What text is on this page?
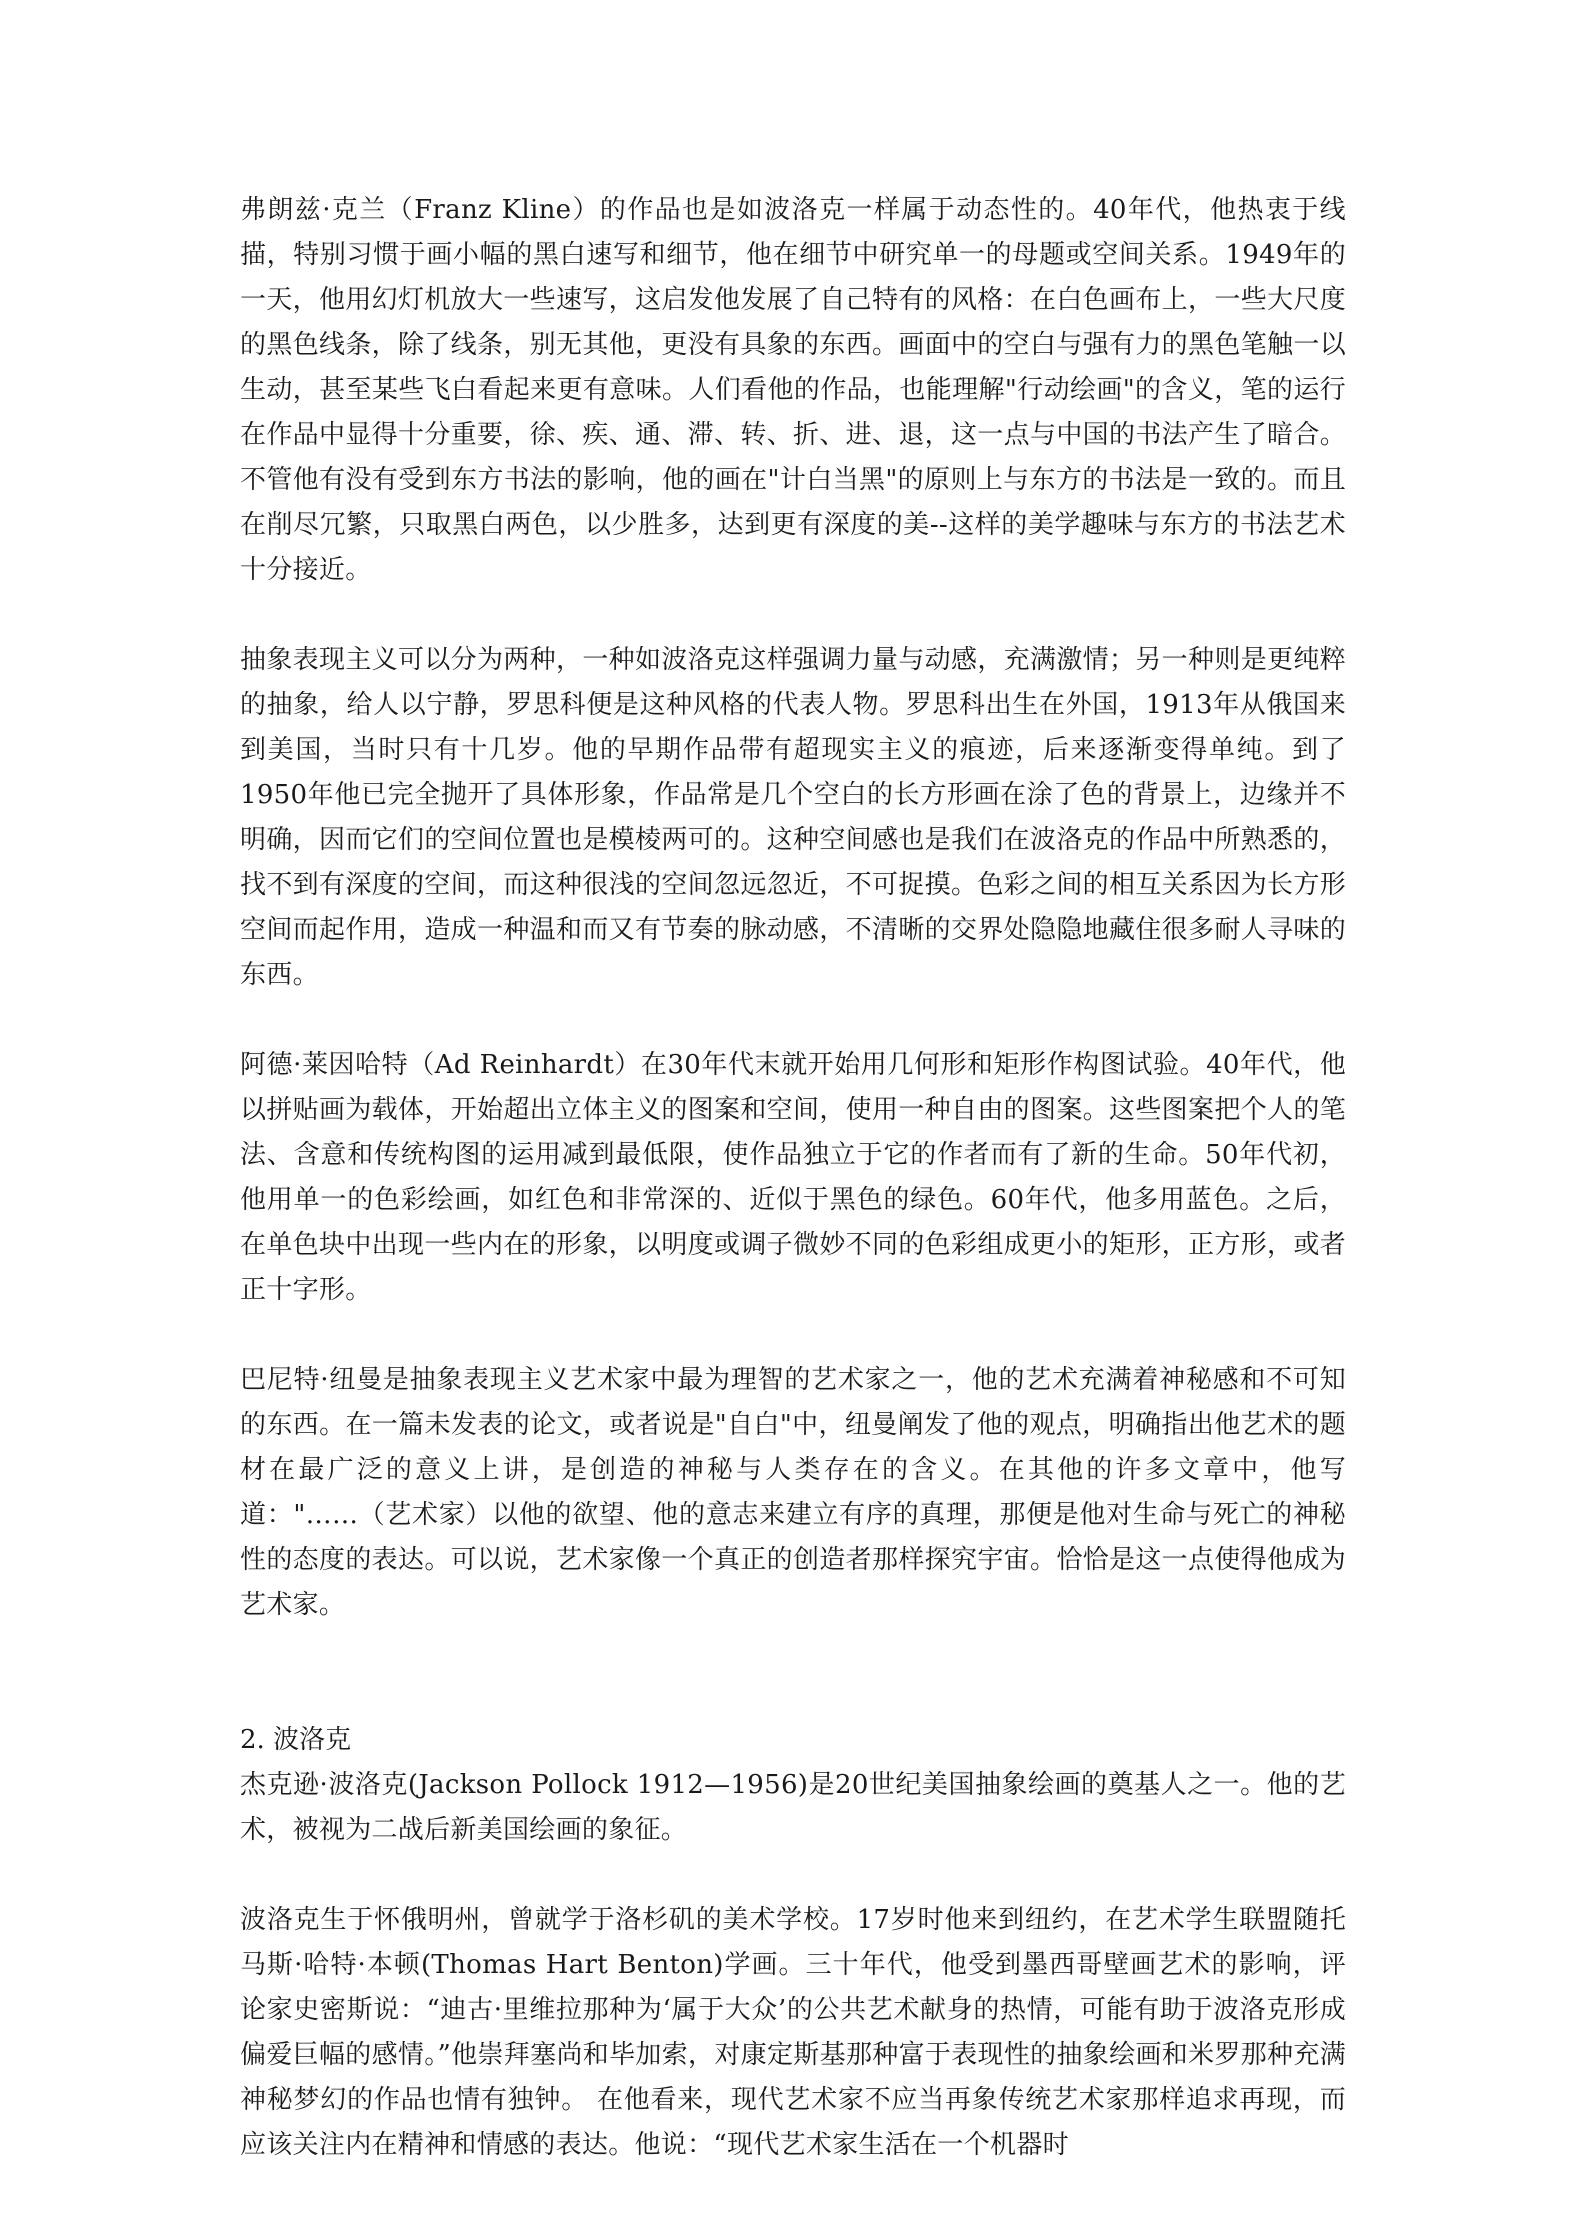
弗朗兹·克兰（Franz Kline）的作品也是如波洛克一样属于动态性的。40年代，他热衷于线描，特别习惯于画小幅的黑白速写和细节，他在细节中研究单一的母题或空间关系。1949年的一天，他用幻灯机放大一些速写，这启发他发展了自己特有的风格：在白色画布上，一些大尺度的黑色线条，除了线条，别无其他，更没有具象的东西。画面中的空白与强有力的黑色笔触一以生动，甚至某些飞白看起来更有意味。人们看他的作品，也能理解"行动绘画"的含义，笔的运行在作品中显得十分重要，徐、疾、通、滞、转、折、进、退，这一点与中国的书法产生了暗合。不管他有没有受到东方书法的影响，他的画在"计白当黑"的原则上与东方的书法是一致的。而且在削尽冗繁，只取黑白两色，以少胜多，达到更有深度的美--这样的美学趣味与东方的书法艺术十分接近。

抽象表现主义可以分为两种，一种如波洛克这样强调力量与动感，充满激情；另一种则是更纯粹的抽象，给人以宁静，罗思科便是这种风格的代表人物。罗思科出生在外国，1913年从俄国来到美国，当时只有十几岁。他的早期作品带有超现实主义的痕迹，后来逐渐变得单纯。到了1950年他已完全抛开了具体形象，作品常是几个空白的长方形画在涂了色的背景上，边缘并不明确，因而它们的空间位置也是模棱两可的。这种空间感也是我们在波洛克的作品中所熟悉的，找不到有深度的空间，而这种很浅的空间忽远忽近，不可捉摸。色彩之间的相互关系因为长方形空间而起作用，造成一种温和而又有节奏的脉动感，不清晰的交界处隐隐地藏住很多耐人寻味的东西。

阿德·莱因哈特（Ad Reinhardt）在30年代末就开始用几何形和矩形作构图试验。40年代，他以拼贴画为载体，开始超出立体主义的图案和空间，使用一种自由的图案。这些图案把个人的笔法、含意和传统构图的运用减到最低限，使作品独立于它的作者而有了新的生命。50年代初，他用单一的色彩绘画，如红色和非常深的、近似于黑色的绿色。60年代，他多用蓝色。之后，在单色块中出现一些内在的形象，以明度或调子微妙不同的色彩组成更小的矩形，正方形，或者正十字形。

巴尼特·纽曼是抽象表现主义艺术家中最为理智的艺术家之一，他的艺术充满着神秘感和不可知的东西。在一篇未发表的论文，或者说是"自白"中，纽曼阐发了他的观点，明确指出他艺术的题材在最广泛的意义上讲，是创造的神秘与人类存在的含义。在其他的许多文章中，他写道："……（艺术家）以他的欲望、他的意志来建立有序的真理，那便是他对生命与死亡的神秘性的态度的表达。可以说，艺术家像一个真正的创造者那样探究宇宙。恰恰是这一点使得他成为艺术家。

2. 波洛克

杰克逊·波洛克(Jackson Pollock 1912—1956)是20世纪美国抽象绘画的奠基人之一。他的艺术，被视为二战后新美国绘画的象征。

波洛克生于怀俄明州，曾就学于洛杉矶的美术学校。17岁时他来到纽约，在艺术学生联盟随托马斯·哈特·本顿(Thomas Hart Benton)学画。三十年代，他受到墨西哥壁画艺术的影响，评论家史密斯说：“迪古·里维拉那种为‘属于大众’的公共艺术献身的热情，可能有助于波洛克形成偏爱巨幅的感情。”他崇拜塞尚和毕加索，对康定斯基那种富于表现性的抽象绘画和米罗那种充满神秘梦幻的作品也情有独钟。 在他看来，现代艺术家不应当再象传统艺术家那样追求再现，而应该关注内在精神和情感的表达。他说：“现代艺术家生活在一个机器时
